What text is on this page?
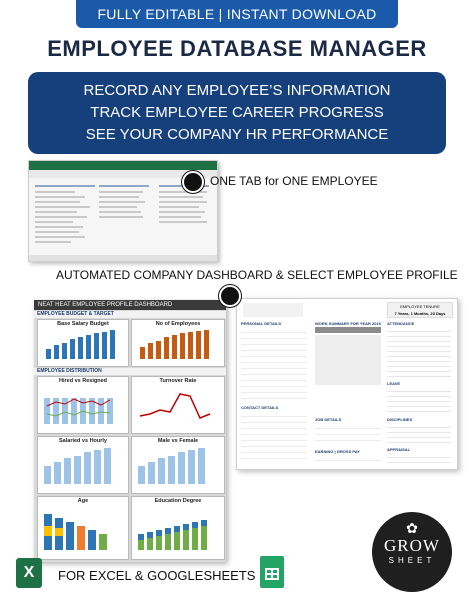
FULLY EDITABLE | INSTANT DOWNLOAD
EMPLOYEE DATABASE MANAGER
RECORD ANY EMPLOYEE’S INFORMATION
TRACK EMPLOYEE CAREER PROGRESS
SEE YOUR COMPANY HR PERFORMANCE
ONE TAB for ONE EMPLOYEE
AUTOMATED COMPANY DASHBOARD & SELECT EMPLOYEE PROFILE
EMPLOYEE TENURE
7 Years, 1 Months, 23 Days
PERSONAL DETAILS
CONTACT DETAILS
WORK SUMMARY FOR YEAR 2016 ATTENDANCE
JOB DETAILS
EARNING | GROSS PAY
LEAVE
DISCIPLINES
APPRAISAL
NEAT HEAT EMPLOYEE PROFILE DASHBOARD
EMPLOYEE BUDGET & TARGET
Base Salary Budget	No of Employees
EMPLOYEE DISTRIBUTION
Hired vs Resigned	Turnover Rate
Salaried vs Hourly	Male vs Female
Age	Education Degree
✿
GROW
SHEET
X	FOR EXCEL & GOOGLESHEETS
